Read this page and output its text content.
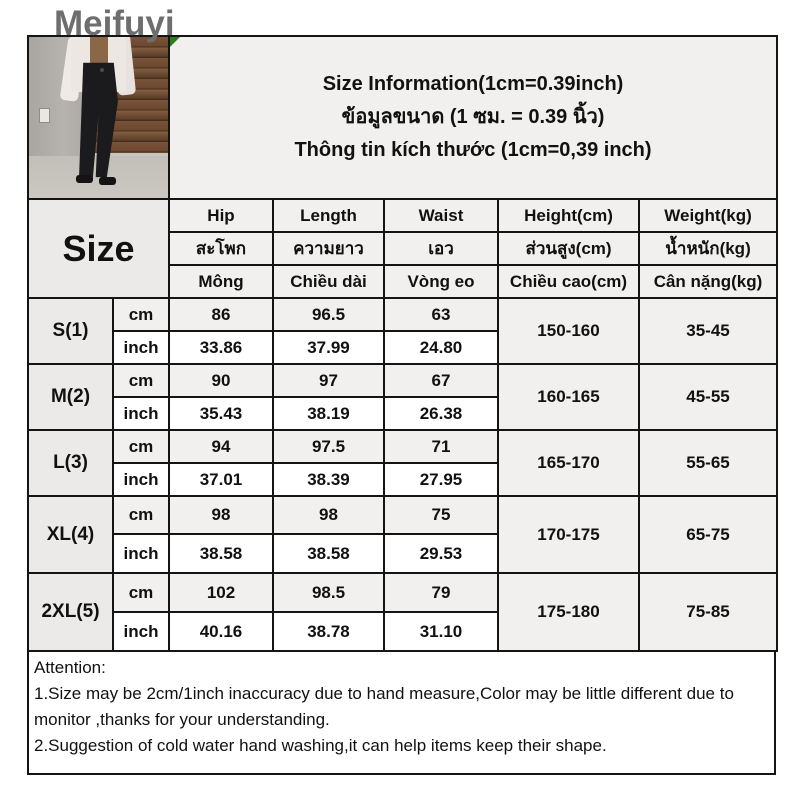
Meifuyi

		Size Information(1cm=0.39inch)
ข้อมูลขนาด (1 ซม. = 0.39 นิ้ว)
Thông tin kích thước (1cm=0,39 inch)				

Size		Hip	Length	Waist	Height(cm)	Weight(kg)
		สะโพก	ความยาว	เอว	ส่วนสูง(cm)	น้ำหนัก(kg)
		Mông	Chiều dài	Vòng eo	Chiều cao(cm)	Cân nặng(kg)
S(1)	cm	86	96.5	63	150-160	35-45
	inch	33.86	37.99	24.80		
M(2)	cm	90	97	67	160-165	45-55
	inch	35.43	38.19	26.38		
L(3)	cm	94	97.5	71	165-170	55-65
	inch	37.01	38.39	27.95		
XL(4)	cm	98	98	75	170-175	65-75
	inch	38.58	38.58	29.53		
2XL(5)	cm	102	98.5	79	175-180	75-85
	inch	40.16	38.78	31.10		
Attention:
1.Size may be 2cm/1inch inaccuracy due to hand measure,Color may be little different due to
monitor ,thanks for your understanding.
2.Suggestion of cold water hand washing,it can help items keep their shape.
